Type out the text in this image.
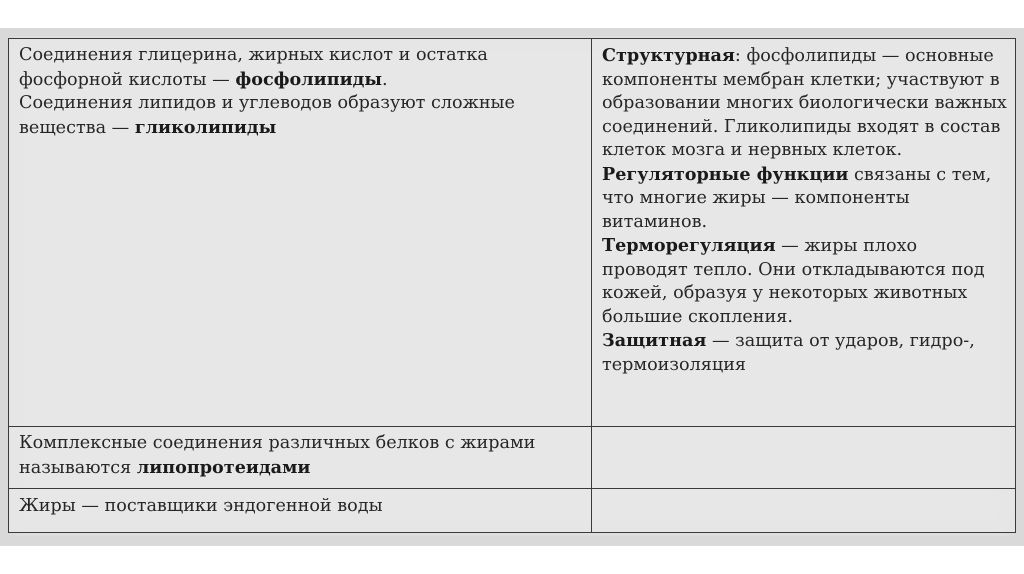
Соединения глицерина, жирных кислот и остатка фосфорной кислоты — фосфолипиды.
Соединения липидов и углеводов образуют сложные вещества — гликолипиды	Структурная: фосфолипиды — основные компоненты мембран клетки; участвуют в образовании многих биологически важных соединений. Гликолипиды входят в состав клеток мозга и нервных клеток.
Регуляторные функции связаны с тем, что многие жиры — компоненты витаминов.
Терморегуляция — жиры плохо проводят тепло. Они откладываются под кожей, образуя у некоторых животных большие скопления.
Защитная — защита от ударов, гидро-, термоизоляция

Комплексные соединения различных белков с жирами называются липопротеидами	

Жиры — поставщики эндогенной воды	
